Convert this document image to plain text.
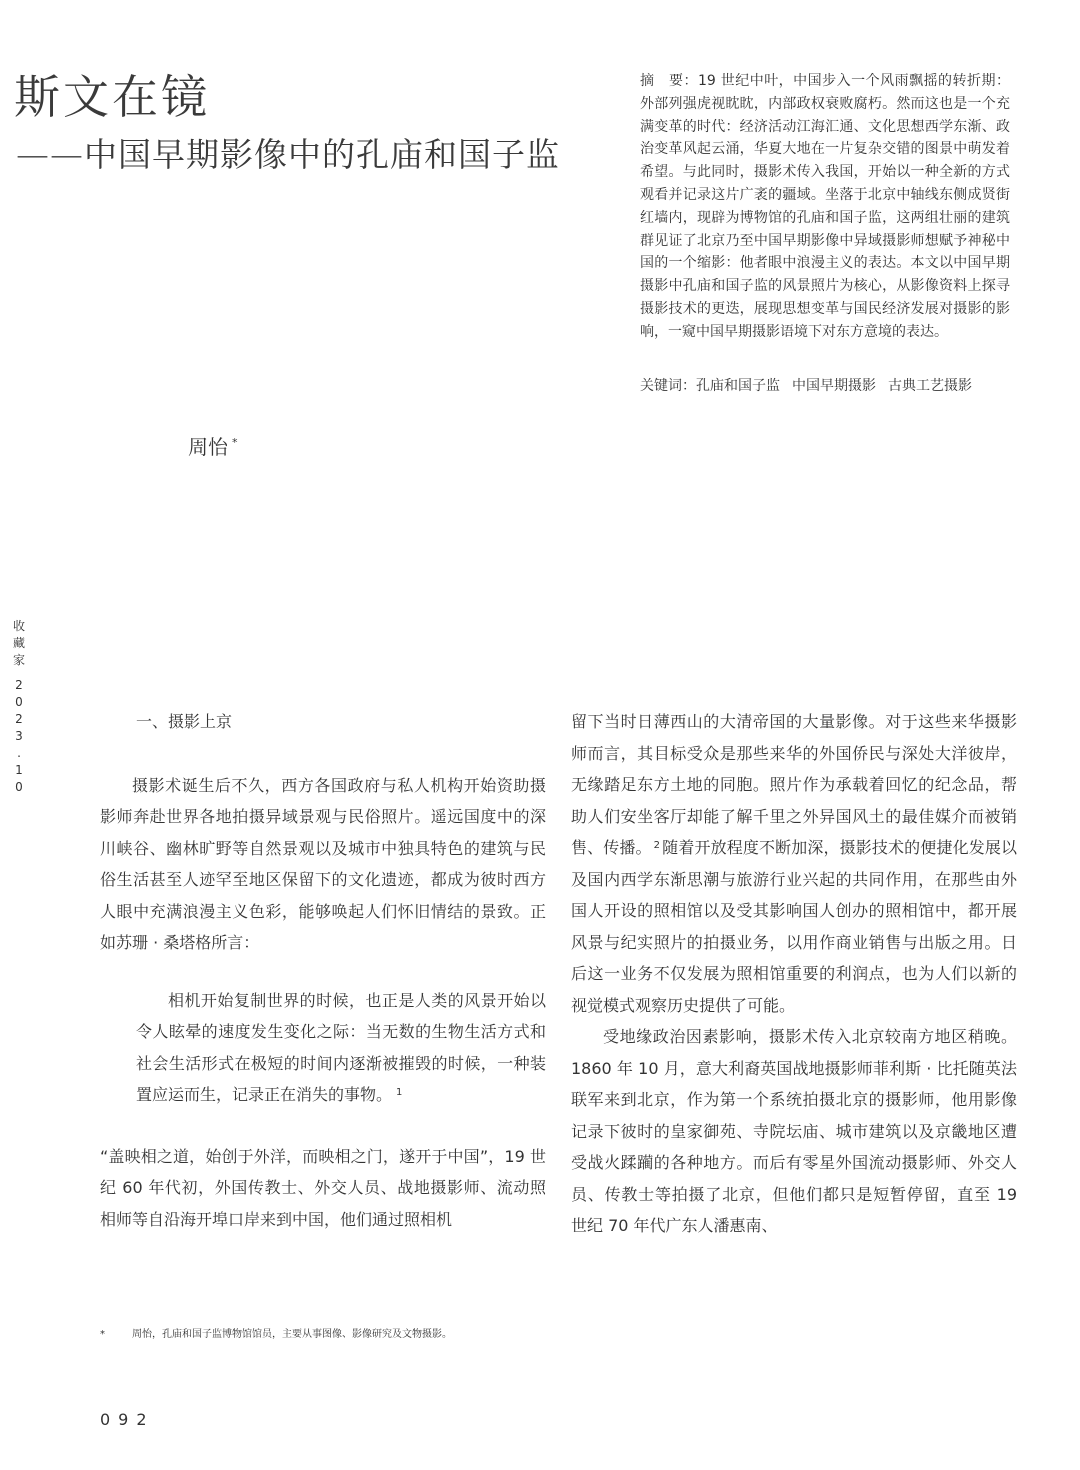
斯文在镜
——中国早期影像中的孔庙和国子监

摘　要：19 世纪中叶，中国步入一个风雨飘摇的转折期：外部列强虎视眈眈，内部政权衰败腐朽。然而这也是一个充满变革的时代：经济活动江海汇通、文化思想西学东渐、政治变革风起云涌，华夏大地在一片复杂交错的图景中萌发着希望。与此同时，摄影术传入我国，开始以一种全新的方式观看并记录这片广袤的疆域。坐落于北京中轴线东侧成贤街红墙内，现辟为博物馆的孔庙和国子监，这两组壮丽的建筑群见证了北京乃至中国早期影像中异域摄影师想赋予神秘中国的一个缩影：他者眼中浪漫主义的表达。本文以中国早期摄影中孔庙和国子监的风景照片为核心，从影像资料上探寻摄影技术的更迭，展现思想变革与国民经济发展对摄影的影响，一窥中国早期摄影语境下对东方意境的表达。

关键词：孔庙和国子监 中国早期摄影 古典工艺摄影
周怡 *
收
藏
家
2
0
2
3
.
1
0

一、摄影上京

摄影术诞生后不久，西方各国政府与私人机构开始资助摄影师奔赴世界各地拍摄异域景观与民俗照片。遥远国度中的深川峡谷、幽林旷野等自然景观以及城市中独具特色的建筑与民俗生活甚至人迹罕至地区保留下的文化遗迹，都成为彼时西方人眼中充满浪漫主义色彩，能够唤起人们怀旧情结的景致。正如苏珊 · 桑塔格所言：

相机开始复制世界的时候，也正是人类的风景开始以令人眩晕的速度发生变化之际：当无数的生物生活方式和社会生活形式在极短的时间内逐渐被摧毁的时候，一种装置应运而生，记录正在消失的事物。 $^1$

“盖映相之道，始创于外洋，而映相之门，遂开于中国”，19 世纪 60 年代初，外国传教士、外交人员、战地摄影师、流动照相师等自沿海开埠口岸来到中国，他们通过照相机

留下当时日薄西山的大清帝国的大量影像。对于这些来华摄影师而言，其目标受众是那些来华的外国侨民与深处大洋彼岸，无缘踏足东方土地的同胞。照片作为承载着回忆的纪念品，帮助人们安坐客厅却能了解千里之外异国风土的最佳媒介而被销售、传播。 $^2$ 随着开放程度不断加深，摄影技术的便捷化发展以及国内西学东渐思潮与旅游行业兴起的共同作用，在那些由外国人开设的照相馆以及受其影响国人创办的照相馆中，都开展风景与纪实照片的拍摄业务，以用作商业销售与出版之用。日后这一业务不仅发展为照相馆重要的利润点，也为人们以新的视觉模式观察历史提供了可能。

受地缘政治因素影响，摄影术传入北京较南方地区稍晚。1860 年 10 月，意大利裔英国战地摄影师菲利斯 · 比托随英法联军来到北京，作为第一个系统拍摄北京的摄影师，他用影像记录下彼时的皇家御苑、寺院坛庙、城市建筑以及京畿地区遭受战火蹂躏的各种地方。而后有零星外国流动摄影师、外交人员、传教士等拍摄了北京，但他们都只是短暂停留，直至 19 世纪 70 年代广东人潘惠南、

*	周怡，孔庙和国子监博物馆馆员，主要从事图像、影像研究及文物摄影。
092
